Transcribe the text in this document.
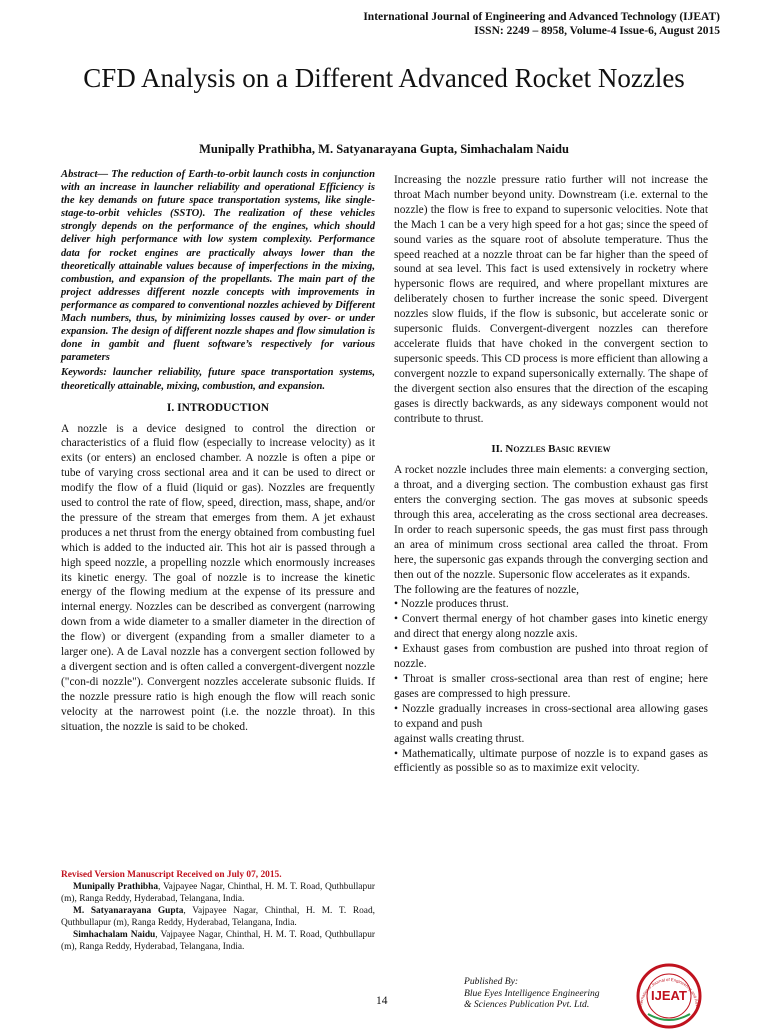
International Journal of Engineering and Advanced Technology (IJEAT)
ISSN: 2249 – 8958, Volume-4 Issue-6, August 2015
CFD Analysis on a Different Advanced Rocket Nozzles
Munipally Prathibha, M. Satyanarayana Gupta, Simhachalam Naidu

Abstract— The reduction of Earth-to-orbit launch costs in conjunction with an increase in launcher reliability and operational Efficiency is the key demands on future space transportation systems, like single-stage-to-orbit vehicles (SSTO). The realization of these vehicles strongly depends on the performance of the engines, which should deliver high performance with low system complexity. Performance data for rocket engines are practically always lower than the theoretically attainable values because of imperfections in the mixing, combustion, and expansion of the propellants. The main part of the project addresses different nozzle concepts with improvements in performance as compared to conventional nozzles achieved by Different Mach numbers, thus, by minimizing losses caused by over- or under expansion. The design of different nozzle shapes and flow simulation is done in gambit and fluent software’s respectively for various parameters

Keywords: launcher reliability, future space transportation systems, theoretically attainable, mixing, combustion, and expansion.

I. INTRODUCTION

A nozzle is a device designed to control the direction or characteristics of a fluid flow (especially to increase velocity) as it exits (or enters) an enclosed chamber. A nozzle is often a pipe or tube of varying cross sectional area and it can be used to direct or modify the flow of a fluid (liquid or gas). Nozzles are frequently used to control the rate of flow, speed, direction, mass, shape, and/or the pressure of the stream that emerges from them. A jet exhaust produces a net thrust from the energy obtained from combusting fuel which is added to the inducted air. This hot air is passed through a high speed nozzle, a propelling nozzle which enormously increases its kinetic energy. The goal of nozzle is to increase the kinetic energy of the flowing medium at the expense of its pressure and internal energy. Nozzles can be described as convergent (narrowing down from a wide diameter to a smaller diameter in the direction of the flow) or divergent (expanding from a smaller diameter to a larger one). A de Laval nozzle has a convergent section followed by a divergent section and is often called a convergent-divergent nozzle ("con-di nozzle"). Convergent nozzles accelerate subsonic fluids. If the nozzle pressure ratio is high enough the flow will reach sonic velocity at the narrowest point (i.e. the nozzle throat). In this situation, the nozzle is said to be choked.

Increasing the nozzle pressure ratio further will not increase the throat Mach number beyond unity. Downstream (i.e. external to the nozzle) the flow is free to expand to supersonic velocities. Note that the Mach 1 can be a very high speed for a hot gas; since the speed of sound varies as the square root of absolute temperature. Thus the speed reached at a nozzle throat can be far higher than the speed of sound at sea level. This fact is used extensively in rocketry where hypersonic flows are required, and where propellant mixtures are deliberately chosen to further increase the sonic speed. Divergent nozzles slow fluids, if the flow is subsonic, but accelerate sonic or supersonic fluids. Convergent-divergent nozzles can therefore accelerate fluids that have choked in the convergent section to supersonic speeds. This CD process is more efficient than allowing a convergent nozzle to expand supersonically externally. The shape of the divergent section also ensures that the direction of the escaping gases is directly backwards, as any sideways component would not contribute to thrust.

II. Nozzles Basic review

A rocket nozzle includes three main elements: a converging section, a throat, and a diverging section. The combustion exhaust gas first enters the converging section. The gas moves at subsonic speeds through this area, accelerating as the cross sectional area decreases. In order to reach supersonic speeds, the gas must first pass through an area of minimum cross sectional area called the throat. From here, the supersonic gas expands through the converging section and then out of the nozzle. Supersonic flow accelerates as it expands.

The following are the features of nozzle,

• Nozzle produces thrust.

• Convert thermal energy of hot chamber gases into kinetic energy and direct that energy along nozzle axis.

• Exhaust gases from combustion are pushed into throat region of nozzle.

• Throat is smaller cross-sectional area than rest of engine; here gases are compressed to high pressure.

• Nozzle gradually increases in cross-sectional area allowing gases to expand and push

against walls creating thrust.

• Mathematically, ultimate purpose of nozzle is to expand gases as efficiently as possible so as to maximize exit velocity.

Revised Version Manuscript Received on July 07, 2015.

Munipally Prathibha, Vajpayee Nagar, Chinthal, H. M. T. Road, Quthbullapur (m), Ranga Reddy, Hyderabad, Telangana, India.

M. Satyanarayana Gupta, Vajpayee Nagar, Chinthal, H. M. T. Road, Quthbullapur (m), Ranga Reddy, Hyderabad, Telangana, India.

Simhachalam Naidu, Vajpayee Nagar, Chinthal, H. M. T. Road, Quthbullapur (m), Ranga Reddy, Hyderabad, Telangana, India.

14
Published By:
Blue Eyes Intelligence Engineering
& Sciences Publication Pvt. Ltd.	International Journal of Engineering and Adva
IJEAT
